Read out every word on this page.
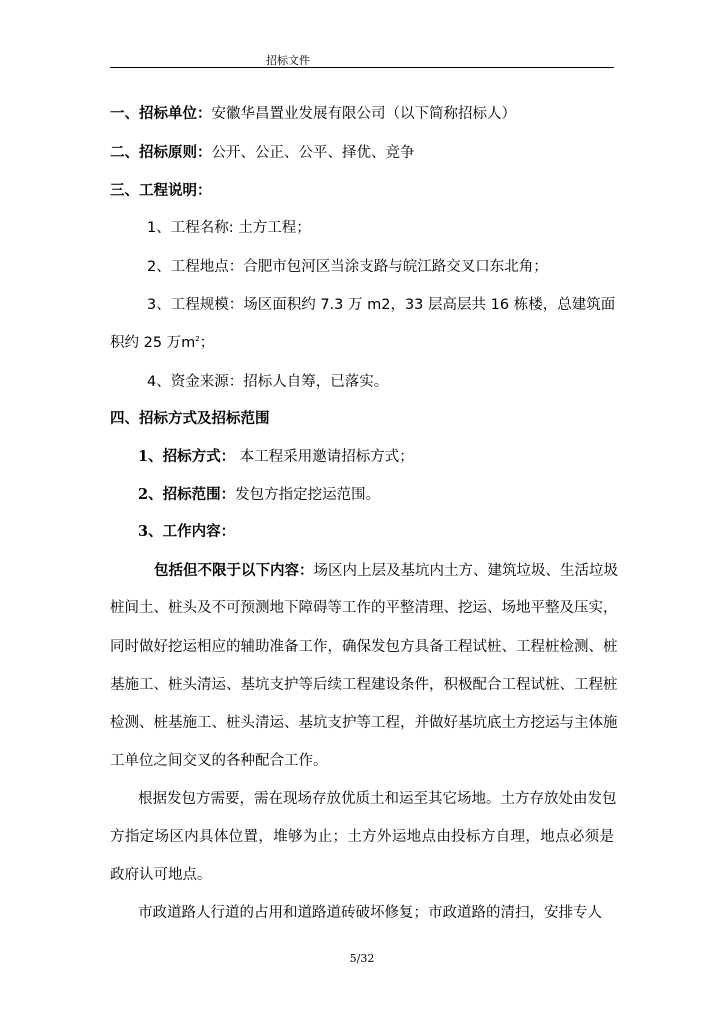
招标文件
一、招标单位：安徽华昌置业发展有限公司（以下简称招标人）
二、招标原则：公开、公正、公平、择优、竞争
三、工程说明：
1、工程名称: 土方工程；
2、工程地点：合肥市包河区当涂支路与皖江路交叉口东北角；
3、工程规模：场区面积约 7.3 万 m2，33 层高层共 16 栋楼，总建筑面
积约 25 万$m^2$；
4、资金来源：招标人自筹，已落实。
四、招标方式及招标范围
1、招标方式： 本工程采用邀请招标方式；
2、招标范围：发包方指定挖运范围。
3、工作内容：
包括但不限于以下内容：场区内上层及基坑内土方、建筑垃圾、生活垃圾
桩间土、桩头及不可预测地下障碍等工作的平整清理、挖运、场地平整及压实，
同时做好挖运相应的辅助准备工作，确保发包方具备工程试桩、工程桩检测、桩
基施工、桩头清运、基坑支护等后续工程建设条件，积极配合工程试桩、工程桩
检测、桩基施工、桩头清运、基坑支护等工程，并做好基坑底土方挖运与主体施
工单位之间交叉的各种配合工作。
根据发包方需要，需在现场存放优质土和运至其它场地。土方存放处由发包
方指定场区内具体位置，堆够为止；土方外运地点由投标方自理，地点必须是
政府认可地点。
市政道路人行道的占用和道路道砖破坏修复；市政道路的清扫，安排专人
5/32
